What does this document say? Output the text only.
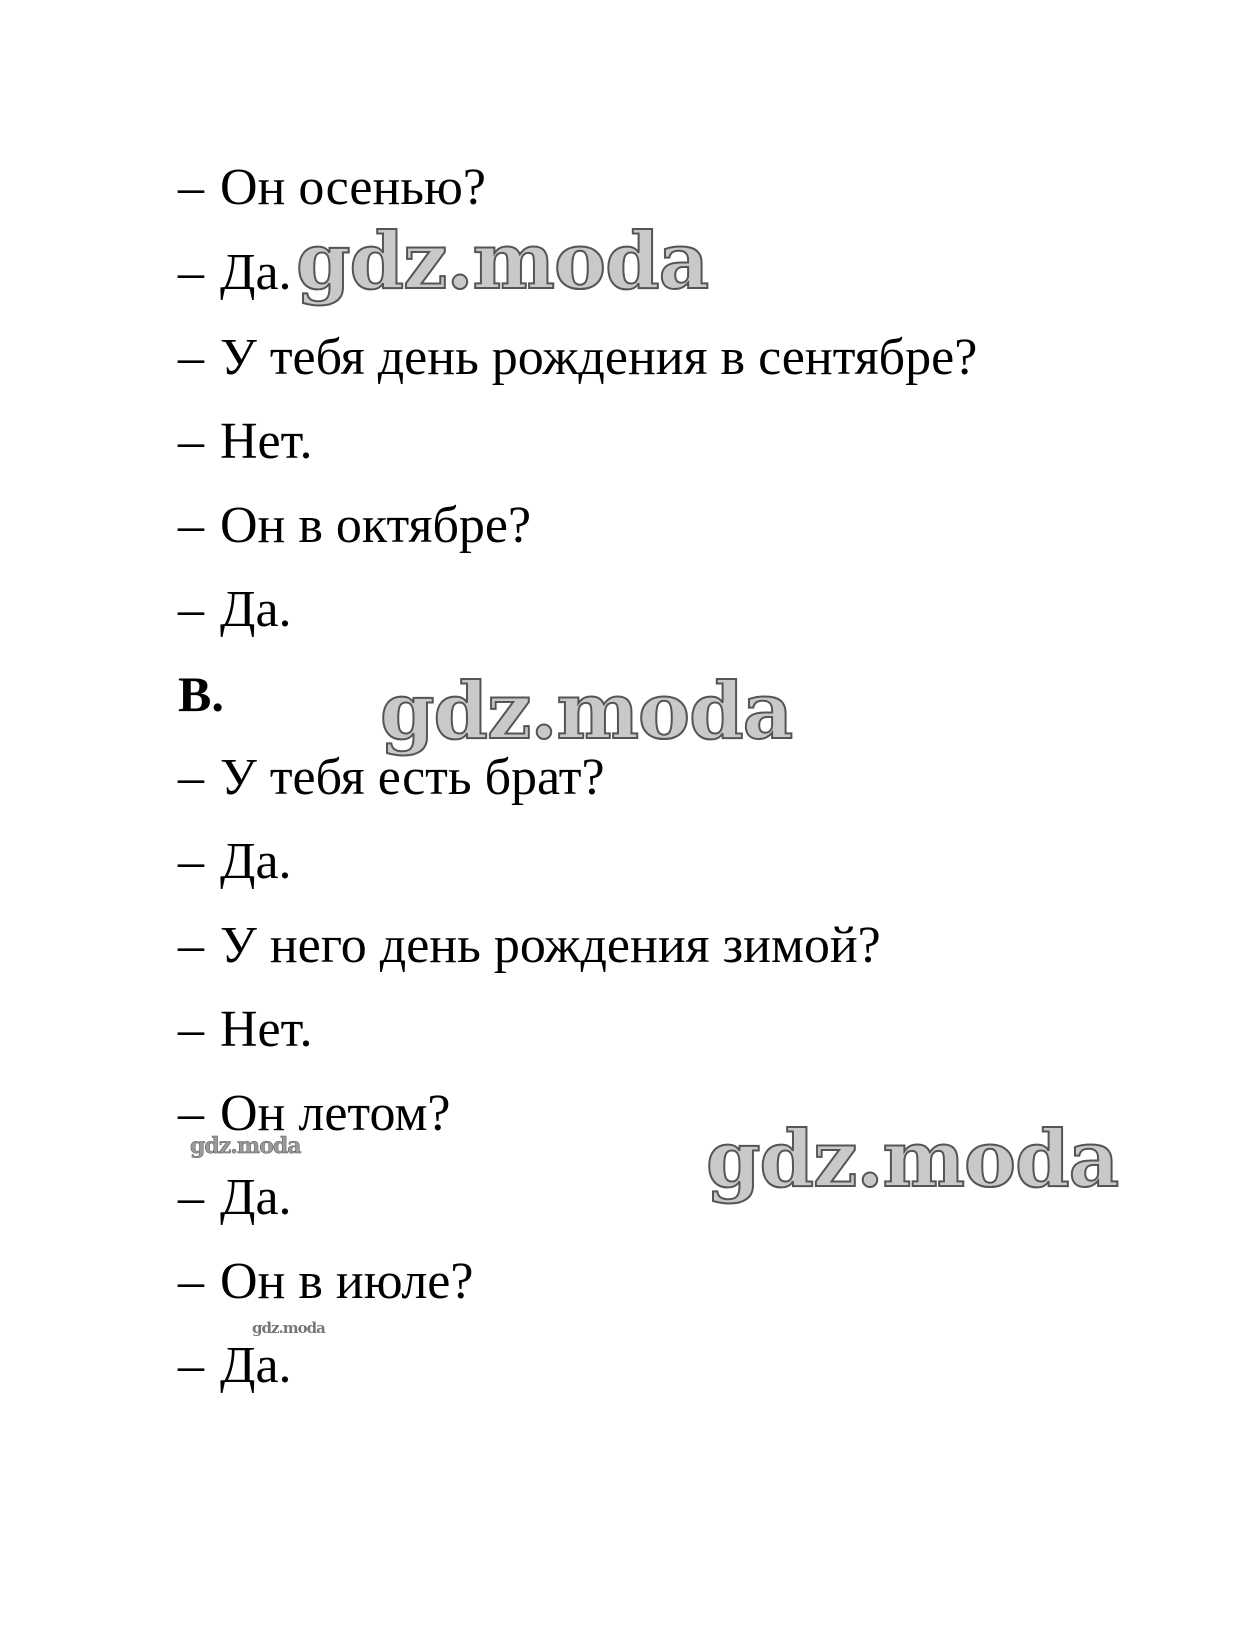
– Он осенью?
– Да.
– У тебя день рождения в сентябре?
– Нет.
– Он в октябре?
– Да.
B.
– У тебя есть брат?
– Да.
– У него день рождения зимой?
– Нет.
– Он летом?
– Да.
– Он в июле?
– Да.
gdz.moda
gdz.moda
gdz.moda
gdz.moda
gdz.moda
